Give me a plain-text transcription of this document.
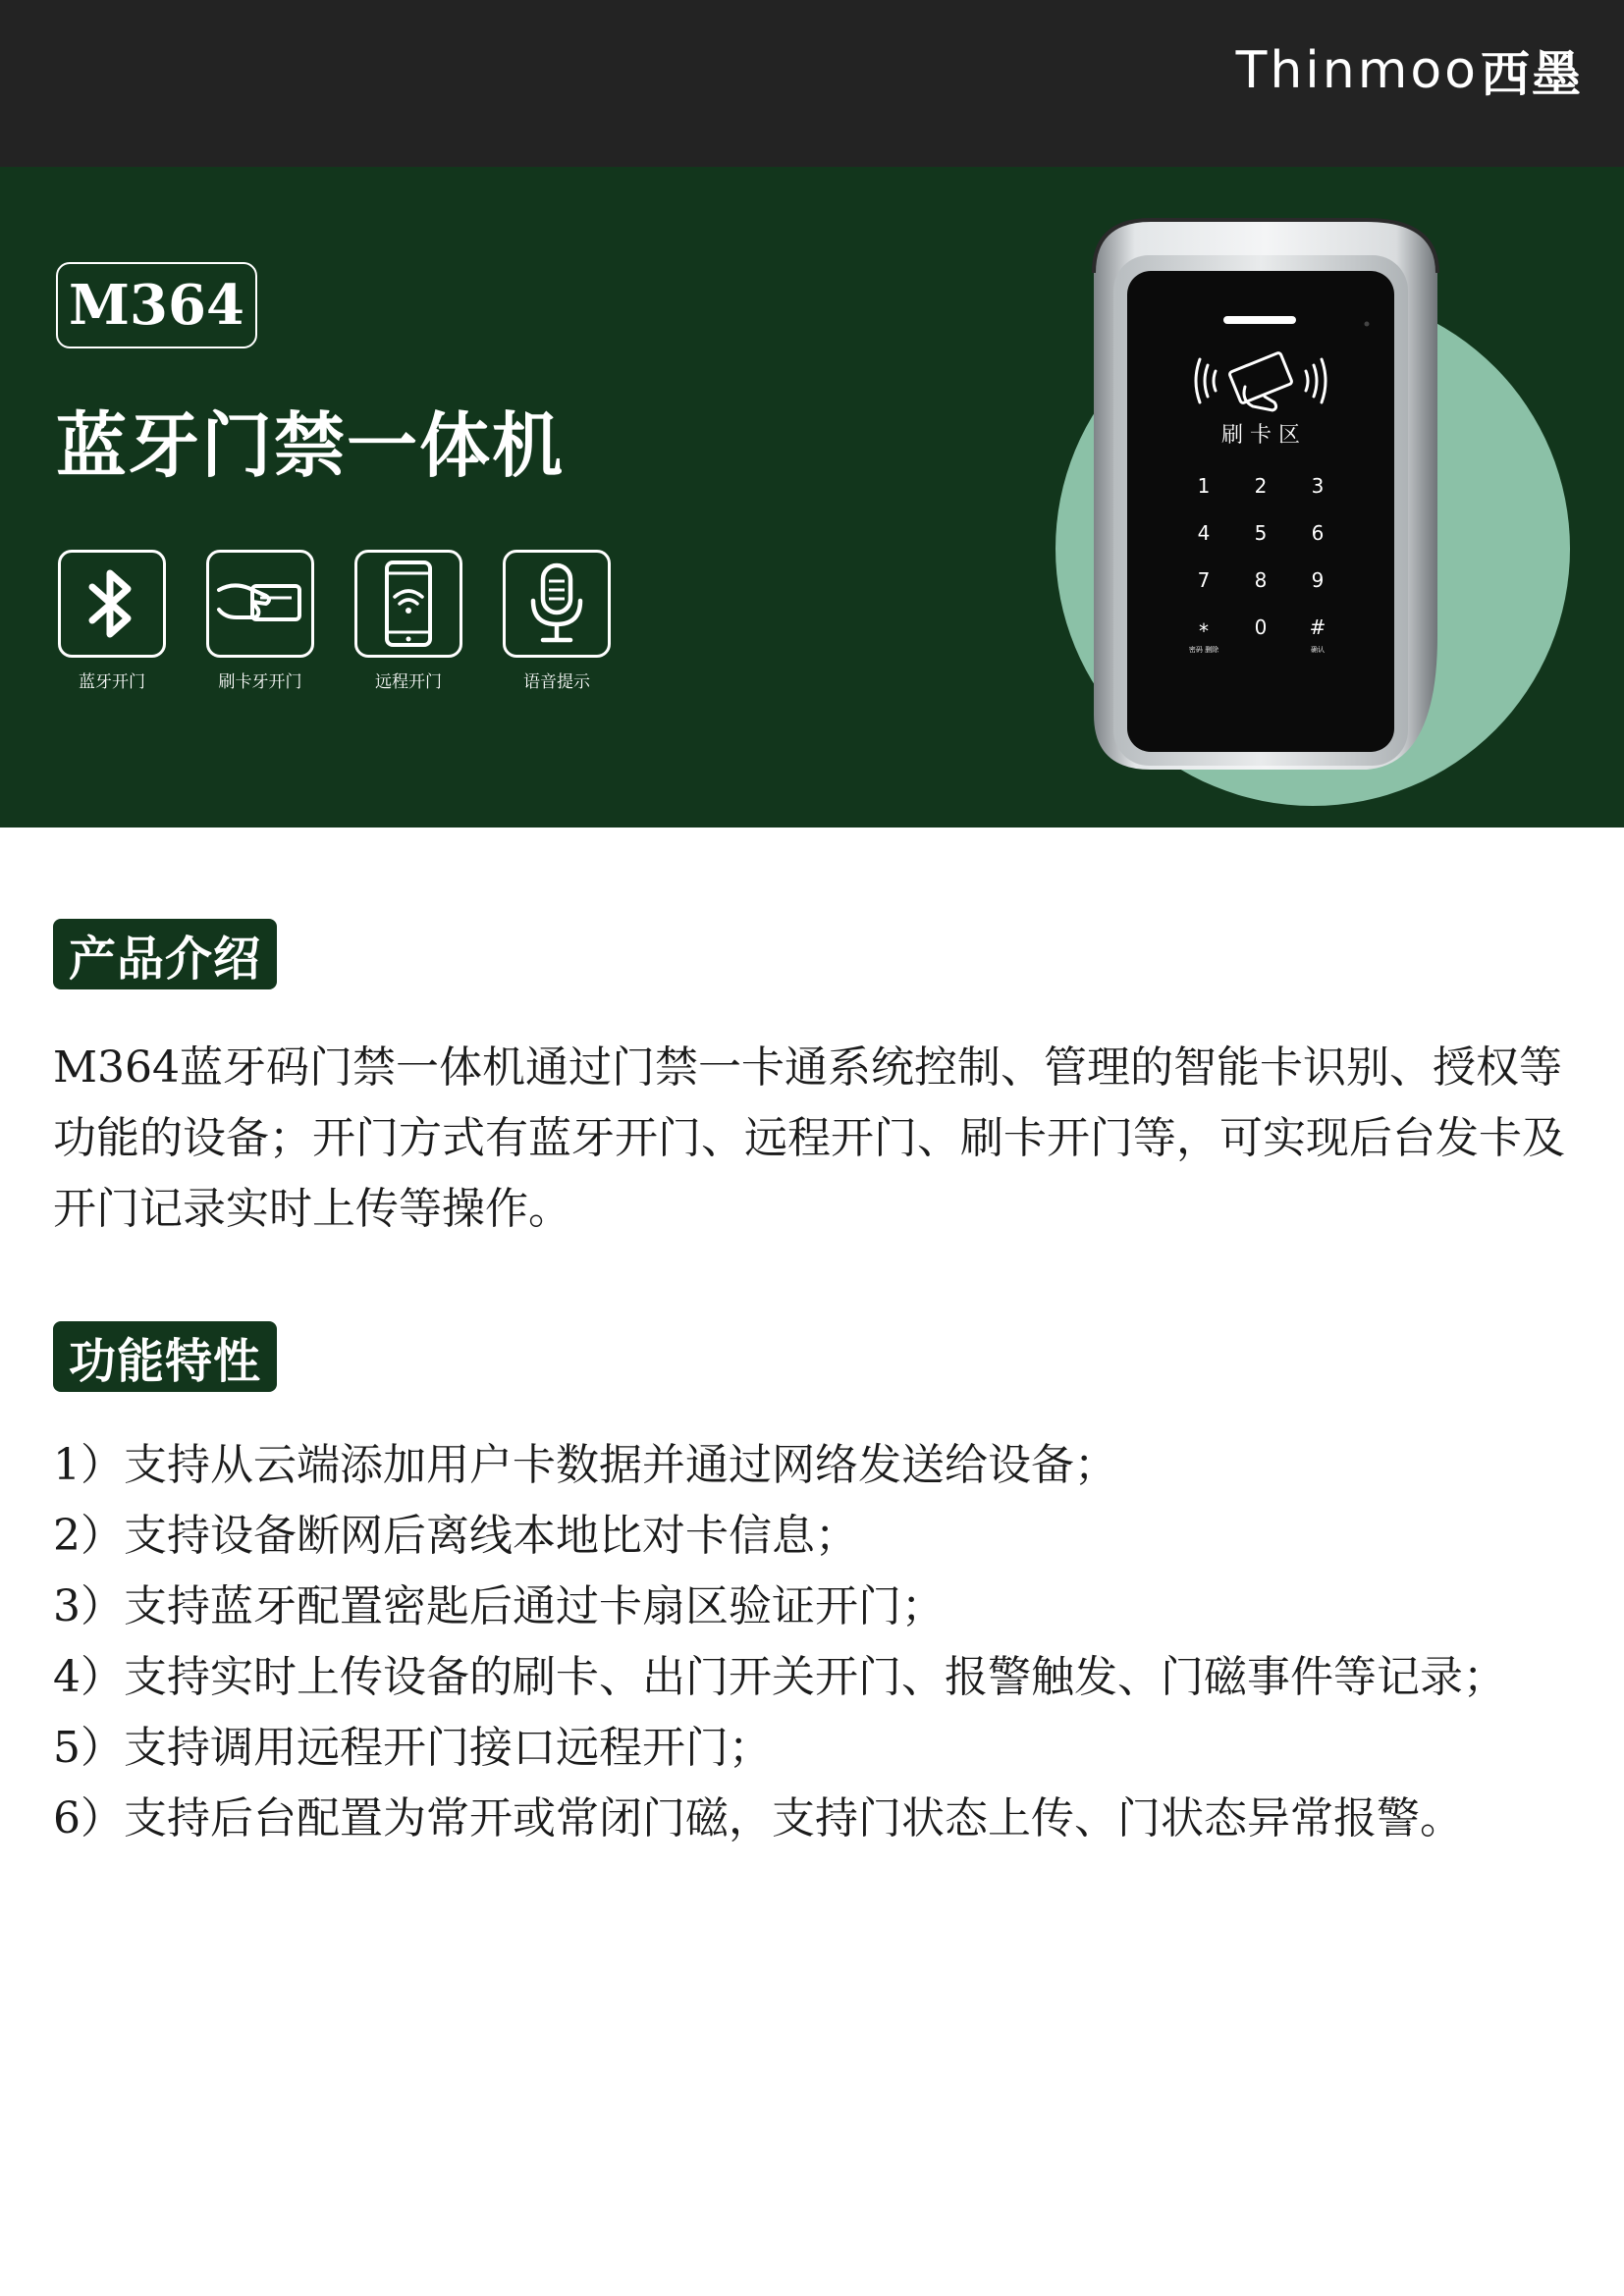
Thinmoo 西墨
M364
蓝牙门禁一体机
蓝牙开门	刷卡牙开门	远程开门	语音提示
刷 卡 区
1 2 3
4 5 6
7 8 9
* 0 #
密码 删除	确认
产品介绍

M364蓝牙码门禁一体机通过门禁一卡通系统控制、管理的智能卡识别、授权等功能的设备；开门方式有蓝牙开门、远程开门、刷卡开门等，可实现后台发卡及开门记录实时上传等操作。

功能特性
1）支持从云端添加用户卡数据并通过网络发送给设备；
2）支持设备断网后离线本地比对卡信息；
3）支持蓝牙配置密匙后通过卡扇区验证开门；
4）支持实时上传设备的刷卡、出门开关开门、报警触发、门磁事件等记录；
5）支持调用远程开门接口远程开门；
6）支持后台配置为常开或常闭门磁，支持门状态上传、门状态异常报警。
